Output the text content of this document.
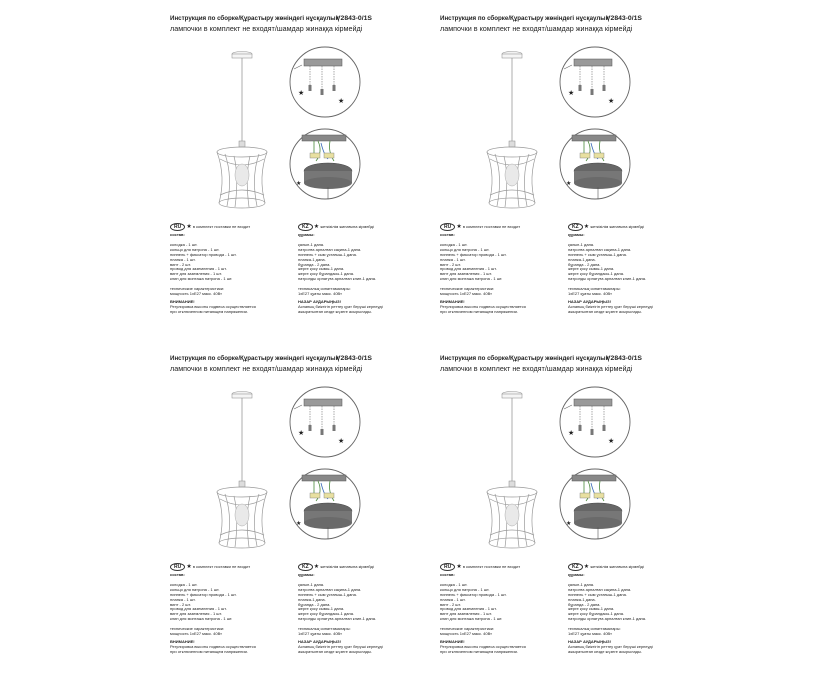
Инструкция по сборке/Құрастыру жөніндегі нұсқаулық
V2843-0/1S
лампочки в комплект не входят/шамдар жинаққа кірмейді
★
★
★
RU ★ в комплект поставки не входит
состав:
колодка - 1 шт.
кольцо для патрона - 1 шт.
ниппель + фиксатор провода - 1 шт.
планка - 1 шт.
винт - 2 шт.
провод для заземления - 1 шт.
винт для заземления - 1 шт.
клип для монтажа патрона - 1 шт.
технические характеристики:
мощность 1xE27 макс. 40Вт
ВНИМАНИЕ!
Регулировка высоты подвеса осуществляется
при отключенном питающем напряжении.
KZ ★ жеткізілім жинағына кірмейді
құрамы:
қалып-1 дана.
патронға арналған сақина-1 дана.
ниппель + сым ұстағыш-1 дана.
планка-1 дана.
бұранда - 2 дана.
жерге қосу сымы-1 дана.
жерге қосу бұрандасы-1 дана.
патронды орнатуға арналған клип-1 дана.
техникалық сипаттамалары:
1xE27 қуаты макс. 40Вт
НАЗАР АУДАРЫҢЫЗ!
Аспаның биіктігін реттеу қуат беруші кернеуді
ажыратылған кезде жүзеге асырылады.
Инструкция по сборке/Құрастыру жөніндегі нұсқаулық
V2843-0/1S
лампочки в комплект не входят/шамдар жинаққа кірмейді
★
★
★
RU ★ в комплект поставки не входит
состав:
колодка - 1 шт.
кольцо для патрона - 1 шт.
ниппель + фиксатор провода - 1 шт.
планка - 1 шт.
винт - 2 шт.
провод для заземления - 1 шт.
винт для заземления - 1 шт.
клип для монтажа патрона - 1 шт.
технические характеристики:
мощность 1xE27 макс. 40Вт
ВНИМАНИЕ!
Регулировка высоты подвеса осуществляется
при отключенном питающем напряжении.
KZ ★ жеткізілім жинағына кірмейді
құрамы:
қалып-1 дана.
патронға арналған сақина-1 дана.
ниппель + сым ұстағыш-1 дана.
планка-1 дана.
бұранда - 2 дана.
жерге қосу сымы-1 дана.
жерге қосу бұрандасы-1 дана.
патронды орнатуға арналған клип-1 дана.
техникалық сипаттамалары:
1xE27 қуаты макс. 40Вт
НАЗАР АУДАРЫҢЫЗ!
Аспаның биіктігін реттеу қуат беруші кернеуді
ажыратылған кезде жүзеге асырылады.
Инструкция по сборке/Құрастыру жөніндегі нұсқаулық
V2843-0/1S
лампочки в комплект не входят/шамдар жинаққа кірмейді
★
★
★
RU ★ в комплект поставки не входит
состав:
колодка - 1 шт.
кольцо для патрона - 1 шт.
ниппель + фиксатор провода - 1 шт.
планка - 1 шт.
винт - 2 шт.
провод для заземления - 1 шт.
винт для заземления - 1 шт.
клип для монтажа патрона - 1 шт.
технические характеристики:
мощность 1xE27 макс. 40Вт
ВНИМАНИЕ!
Регулировка высоты подвеса осуществляется
при отключенном питающем напряжении.
KZ ★ жеткізілім жинағына кірмейді
құрамы:
қалып-1 дана.
патронға арналған сақина-1 дана.
ниппель + сым ұстағыш-1 дана.
планка-1 дана.
бұранда - 2 дана.
жерге қосу сымы-1 дана.
жерге қосу бұрандасы-1 дана.
патронды орнатуға арналған клип-1 дана.
техникалық сипаттамалары:
1xE27 қуаты макс. 40Вт
НАЗАР АУДАРЫҢЫЗ!
Аспаның биіктігін реттеу қуат беруші кернеуді
ажыратылған кезде жүзеге асырылады.
Инструкция по сборке/Құрастыру жөніндегі нұсқаулық
V2843-0/1S
лампочки в комплект не входят/шамдар жинаққа кірмейді
★
★
★
RU ★ в комплект поставки не входит
состав:
колодка - 1 шт.
кольцо для патрона - 1 шт.
ниппель + фиксатор провода - 1 шт.
планка - 1 шт.
винт - 2 шт.
провод для заземления - 1 шт.
винт для заземления - 1 шт.
клип для монтажа патрона - 1 шт.
технические характеристики:
мощность 1xE27 макс. 40Вт
ВНИМАНИЕ!
Регулировка высоты подвеса осуществляется
при отключенном питающем напряжении.
KZ ★ жеткізілім жинағына кірмейді
құрамы:
қалып-1 дана.
патронға арналған сақина-1 дана.
ниппель + сым ұстағыш-1 дана.
планка-1 дана.
бұранда - 2 дана.
жерге қосу сымы-1 дана.
жерге қосу бұрандасы-1 дана.
патронды орнатуға арналған клип-1 дана.
техникалық сипаттамалары:
1xE27 қуаты макс. 40Вт
НАЗАР АУДАРЫҢЫЗ!
Аспаның биіктігін реттеу қуат беруші кернеуді
ажыратылған кезде жүзеге асырылады.
